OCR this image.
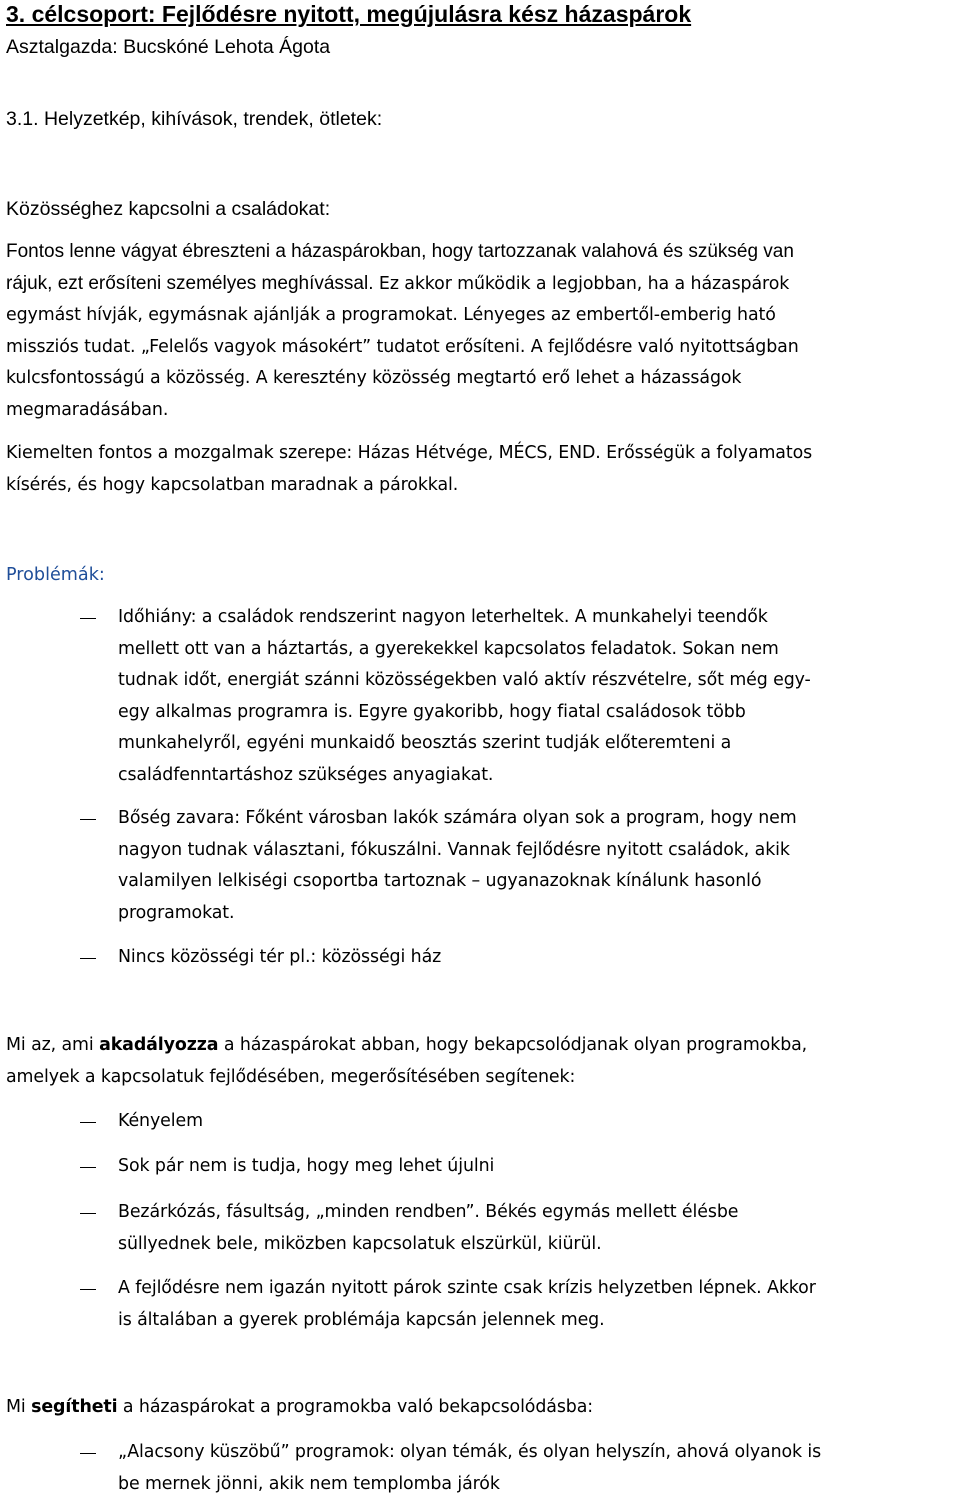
3. célcsoport: Fejlődésre nyitott, megújulásra kész házaspárok
Asztalgazda: Bucskóné Lehota Ágota
3.1. Helyzetkép, kihívások, trendek, ötletek:
Közösséghez kapcsolni a családokat:
Fontos lenne vágyat ébreszteni a házaspárokban, hogy tartozzanak valahová és szükség van
rájuk, ezt erősíteni személyes meghívással. Ez akkor működik a legjobban, ha a házaspárok
egymást hívják, egymásnak ajánlják a programokat. Lényeges az embertől-emberig ható
missziós tudat. „Felelős vagyok másokért” tudatot erősíteni. A fejlődésre való nyitottságban
kulcsfontosságú a közösség. A keresztény közösség megtartó erő lehet a házasságok
megmaradásában.
Kiemelten fontos a mozgalmak szerepe: Házas Hétvége, MÉCS, END. Erősségük a folyamatos
kísérés, és hogy kapcsolatban maradnak a párokkal.
Problémák:
Időhiány: a családok rendszerint nagyon leterheltek. A munkahelyi teendők
mellett ott van a háztartás, a gyerekekkel kapcsolatos feladatok. Sokan nem
tudnak időt, energiát szánni közösségekben való aktív részvételre, sőt még egy-
egy alkalmas programra is. Egyre gyakoribb, hogy fiatal családosok több
munkahelyről, egyéni munkaidő beosztás szerint tudják előteremteni a
családfenntartáshoz szükséges anyagiakat.
Bőség zavara: Főként városban lakók számára olyan sok a program, hogy nem
nagyon tudnak választani, fókuszálni. Vannak fejlődésre nyitott családok, akik
valamilyen lelkiségi csoportba tartoznak – ugyanazoknak kínálunk hasonló
programokat.
Nincs közösségi tér pl.: közösségi ház
Mi az, ami akadályozza a házaspárokat abban, hogy bekapcsolódjanak olyan programokba,
amelyek a kapcsolatuk fejlődésében, megerősítésében segítenek:
Kényelem
Sok pár nem is tudja, hogy meg lehet újulni
Bezárkózás, fásultság, „minden rendben”. Békés egymás mellett élésbe
süllyednek bele, miközben kapcsolatuk elszürkül, kiürül.
A fejlődésre nem igazán nyitott párok szinte csak krízis helyzetben lépnek. Akkor
is általában a gyerek problémája kapcsán jelennek meg.
Mi segítheti a házaspárokat a programokba való bekapcsolódásba:
„Alacsony küszöbű” programok: olyan témák, és olyan helyszín, ahová olyanok is
be mernek jönni, akik nem templomba járók
